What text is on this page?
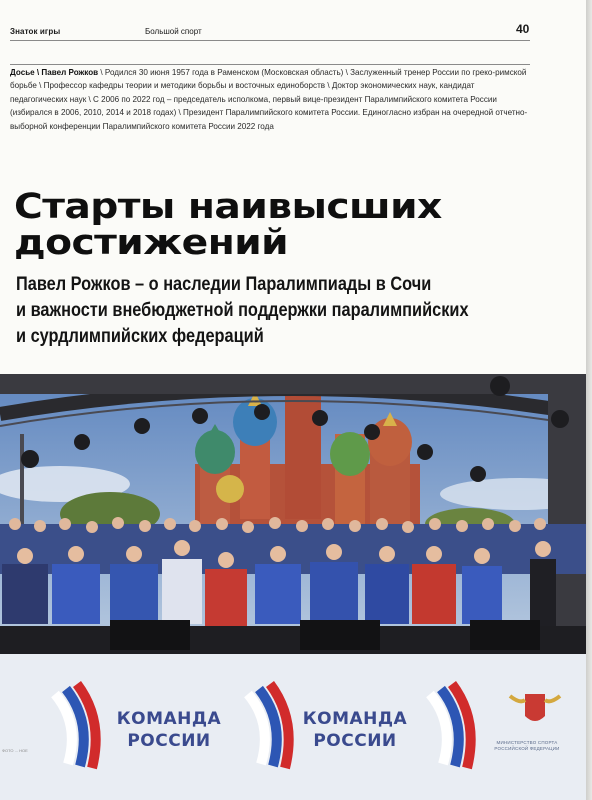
Знаток игры	Большой спорт	40
Досье \ Павел Рожков \ Родился 30 июня 1957 года в Раменском (Московская область) \ Заслуженный тренер России по греко-римской борьбе \ Профессор кафедры теории и методики борьбы и восточных единоборств \ Доктор экономических наук, кандидат педагогических наук \ С 2006 по 2022 год – председатель исполкома, первый вице-президент Паралимпийского комитета России (избирался в 2006, 2010, 2014 и 2018 годах) \ Президент Паралимпийского комитета России. Единогласно избран на очередной отчетно-выборной конференции Паралимпийского комитета России 2022 года
Старты наивысших
достижений
Павел Рожков – о наследии Паралимпиады в Сочи
и важности внебюджетной поддержки паралимпийских
и сурдлимпийских федераций
КОМАНДА РОССИИ
КОМАНДА РОССИИ	МИНИСТЕРСТВО СПОРТА РОССИЙСКОЙ ФЕДЕРАЦИИ
ФОТО ... НОЕ
